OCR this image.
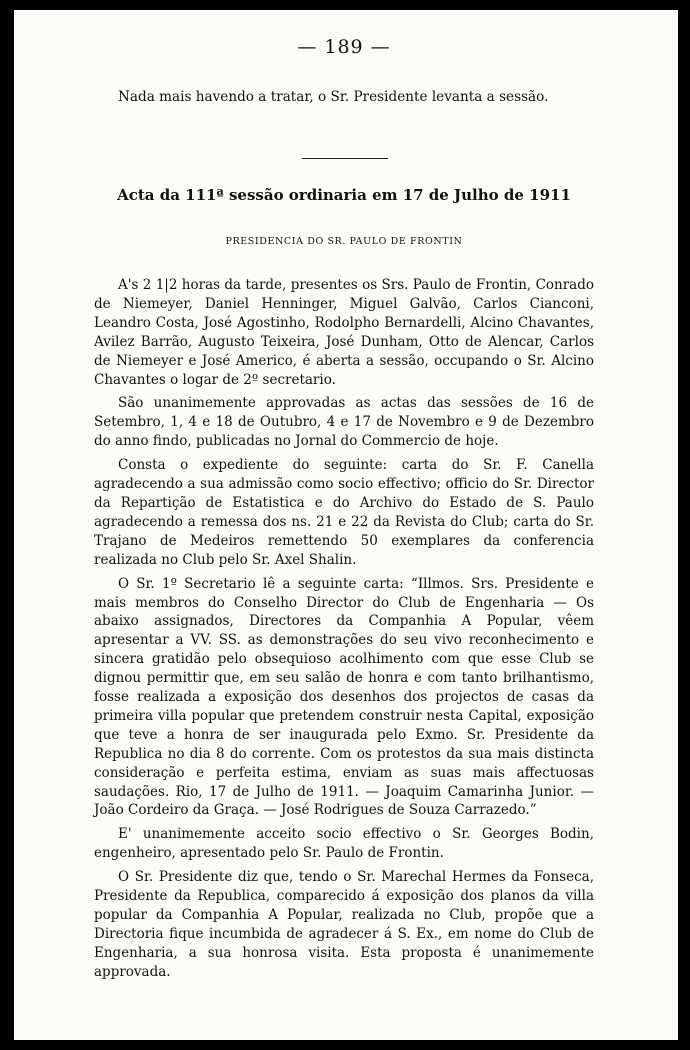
— 189 —

Nada mais havendo a tratar, o Sr. Presidente levanta a sessão.

Acta da 111ª sessão ordinaria em 17 de Julho de 1911
PRESIDENCIA DO SR. PAULO DE FRONTIN

A's 2 1|2 horas da tarde, presentes os Srs. Paulo de Frontin, Conrado de Niemeyer, Daniel Henninger, Miguel Galvão, Carlos Cianconi, Leandro Costa, José Agostinho, Rodolpho Bernardelli, Alcino Chavantes, Avilez Barrão, Augusto Teixeira, José Dunham, Otto de Alencar, Carlos de Niemeyer e José Americo, é aberta a sessão, occupando o Sr. Alcino Chavantes o logar de 2º secretario.

São unanimemente approvadas as actas das sessões de 16 de Setembro, 1, 4 e 18 de Outubro, 4 e 17 de Novembro e 9 de Dezembro do anno findo, publicadas no Jornal do Commercio de hoje.

Consta o expediente do seguinte: carta do Sr. F. Canella agradecendo a sua admissão como socio effectivo; officio do Sr. Director da Repartição de Estatistica e do Archivo do Estado de S. Paulo agradecendo a remessa dos ns. 21 e 22 da Revista do Club; carta do Sr. Trajano de Medeiros remettendo 50 exemplares da conferencia realizada no Club pelo Sr. Axel Shalin.

O Sr. 1º Secretario lê a seguinte carta: “Illmos. Srs. Presidente e mais membros do Conselho Director do Club de Engenharia — Os abaixo assignados, Directores da Companhia A Popular, vêem apresentar a VV. SS. as demonstrações do seu vivo reconhecimento e sincera gratidão pelo obsequioso acolhimento com que esse Club se dignou permittir que, em seu salão de honra e com tanto brilhantismo, fosse realizada a exposição dos desenhos dos projectos de casas da primeira villa popular que pretendem construir nesta Capital, exposição que teve a honra de ser inaugurada pelo Exmo. Sr. Presidente da Republica no dia 8 do corrente. Com os protestos da sua mais distincta consideração e perfeita estima, enviam as suas mais affectuosas saudações. Rio, 17 de Julho de 1911. — Joaquim Camarinha Junior. — João Cordeiro da Graça. — José Rodrigues de Souza Carrazedo.”

E' unanimemente acceito socio effectivo o Sr. Georges Bodin, engenheiro, apresentado pelo Sr. Paulo de Frontin.

O Sr. Presidente diz que, tendo o Sr. Marechal Hermes da Fonseca, Presidente da Republica, comparecido á exposição dos planos da villa popular da Companhia A Popular, realizada no Club, propõe que a Directoria fique incumbida de agradecer á S. Ex., em nome do Club de Engenharia, a sua honrosa visita. Esta proposta é unanimemente approvada.
